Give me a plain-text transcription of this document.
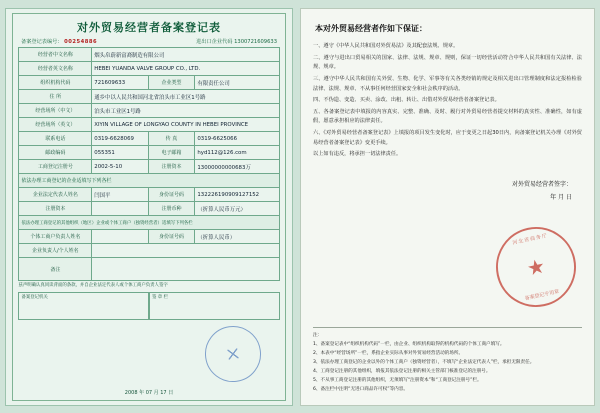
对外贸易经营者备案登记表
备案登记表编号： 00254886	进出口企业代码 1300721609633
经营者中文名称	烟头帛蔚新富裔制造有限公司		
经营者英文名称	HEBEI YUANDA VALVE GROUP CO., LTD.		
组织机构代码	721609633	企业类型	有限责任公司
住 所	通乡中以人民共和国河北省泊头市工业区1号路		
经营场所（中文）	泊头市工业区1号路		
经营场所（英文）	XIYIN VILLAGE OF LONGYAO COUNTY IN HEBEI PROVINCE		
联系电话	0319-6628069	传 真	0319-6625066
邮政编码	055351	电子邮箱	hyd112@126.com
工商登记注册号	2002-5-10	注册资本	13000000000683万
依法办理工商登记的企业适填写下列各栏			
企业法定代表人姓名	闫国平	身份证号码	132226190909127152
注册资本		注册币种	（折算人民币万元）
依法办理工商登记的其他组织（地区）企业或个体工商户（独资经营者）适填写下列各栏			
个体工商户负责人姓名		身份证号码	（折算人民币）
企业负责人/个人姓名			
备注			
兹声明确认真同读背面的条款，并自企业法定代表人或个体工商户负责人签字
备案登记机关	签 章 栏
2008 年 07 月 17 日
本对外贸易经营者作如下保证：

一、遵守《中华人民共和国对外贸易法》及其配套法规、规章。

二、遵守与进出口贸易相关的国家、法律、法规、规章、规则，保证一切经营活动符合中华人民共和国有关法律、法规、规章。

三、遵守中华人民共和国有关外贸、生物、化学、军事等有关各类经销的规定及相关进出口管理制度和法定报检检验法律、法规、规章、不从事任何经营国家安全和社会秩序的活动。

四、不伪造、变造、买卖、涂改、出租、转让、出借对外贸易经营者备案登记表。

五、各备案登记表中填报的内容真实、完整、准确、及时、履行对外贸易经营者提交材料的真实性、准确性，如有虚假，愿意承担相应的法律责任。

六、《对外贸易经营者备案登记表》上填报的项目发生变化时，应于变更之日起30日内，向备案登记机关办理《对外贸易经营者备案登记表》变更手续。

以上如有违反，将承担一切法律责任。

对外贸易经营者签字：
年 月 日
河北省商务厅
★
备案登记专用章
注：
1、备案登记表中“组织机构代码”一栏，由企业、组织机构取得的机构代码的个体工商户填写。
2、本表中“经营场所”一栏，系指企业实际从事对外贸易经营活动的场所。
3、依法办理工商登记的企业以外的个体工商户（独资经营者），不填写“企业法定代表人”栏，承担无限责任。
4、工商登记注册的其他组织，填报其依法登记注册的相关主管部门核准登记的注册号。
5、不从事工商登记注册的其他组织，无须填写“注册资本”和“工商登记注册号”栏。
6、备注栏中注明“无进口商品许可权”等内容。
